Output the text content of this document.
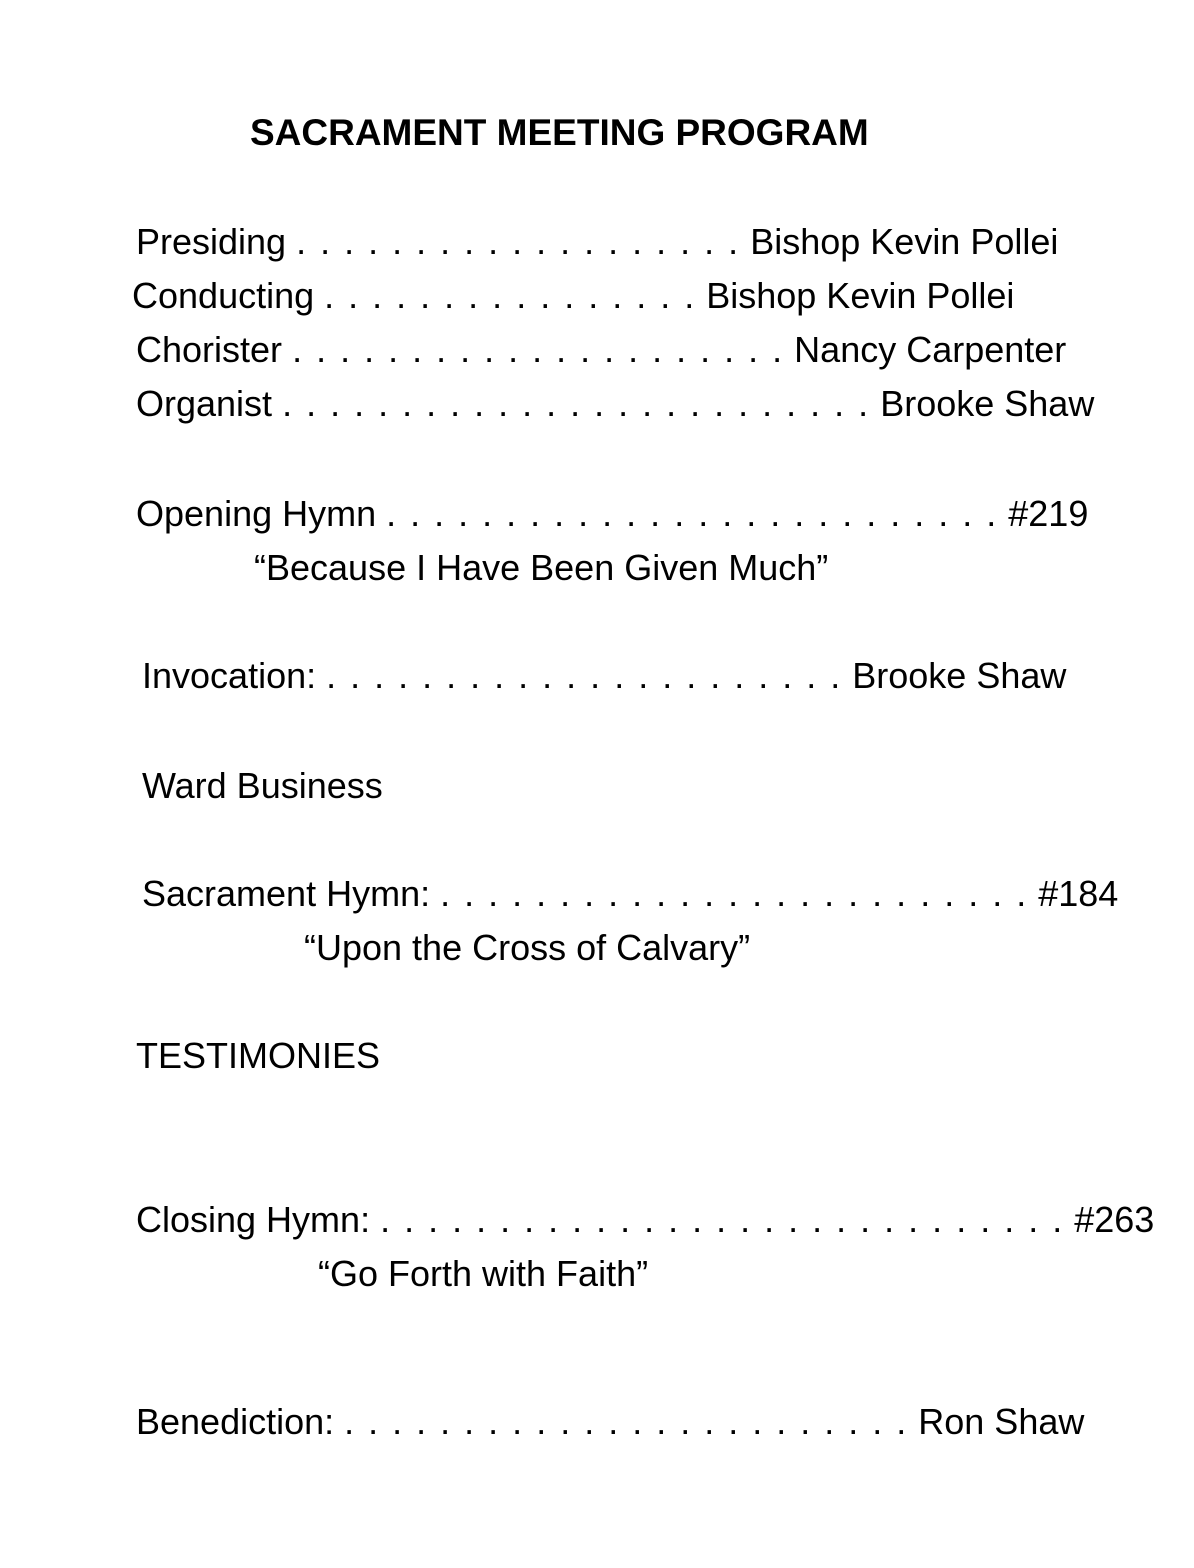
SACRAMENT MEETING PROGRAM
Presiding . . . . . . . . . . . . . . . . . . . Bishop Kevin Pollei
Conducting . . . . . . . . . . . . . . . . Bishop Kevin Pollei
Chorister . . . . . . . . . . . . . . . . . . . . . Nancy Carpenter
Organist . . . . . . . . . . . . . . . . . . . . . . . . . Brooke Shaw
Opening Hymn . . . . . . . . . . . . . . . . . . . . . . . . . . #219
“Because I Have Been Given Much”
Invocation: . . . . . . . . . . . . . . . . . . . . . . Brooke Shaw
Ward Business
Sacrament Hymn: . . . . . . . . . . . . . . . . . . . . . . . . . #184
“Upon the Cross of Calvary”
TESTIMONIES
Closing Hymn: . . . . . . . . . . . . . . . . . . . . . . . . . . . . . #263
“Go Forth with Faith”
Benediction: . . . . . . . . . . . . . . . . . . . . . . . . Ron Shaw
